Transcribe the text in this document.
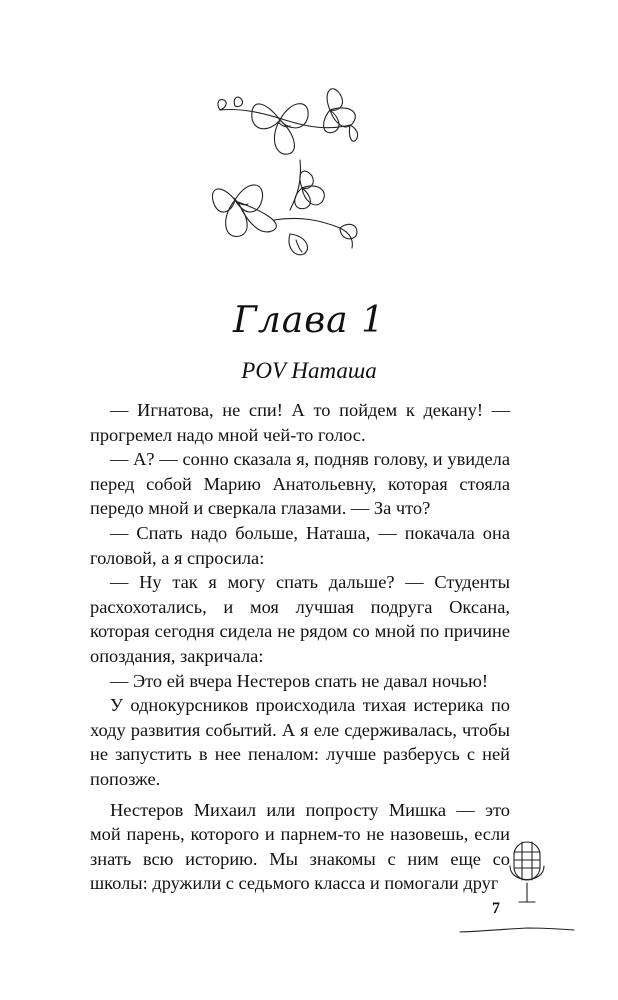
Глава 1
POV Наташа

— Игнатова, не спи! А то пойдем к декану! — прогремел надо мной чей-то голос.

— А? — сонно сказала я, подняв голову, и увидела перед собой Марию Анатольевну, которая стояла передо мной и сверкала глазами. — За что?

— Спать надо больше, Наташа, — покачала она головой, а я спросила:

— Ну так я могу спать дальше? — Студенты расхохотались, и моя лучшая подруга Оксана, которая сегодня сидела не рядом со мной по причине опоздания, закричала:

— Это ей вчера Нестеров спать не давал ночью!

У однокурсников происходила тихая истерика по ходу развития событий. А я еле сдерживалась, чтобы не запустить в нее пеналом: лучше разберусь с ней попозже.

Нестеров Михаил или попросту Мишка — это мой парень, которого и парнем-то не назовешь, если знать всю историю. Мы знакомы с ним еще со школы: дружили с седьмого класса и помогали друг

7
